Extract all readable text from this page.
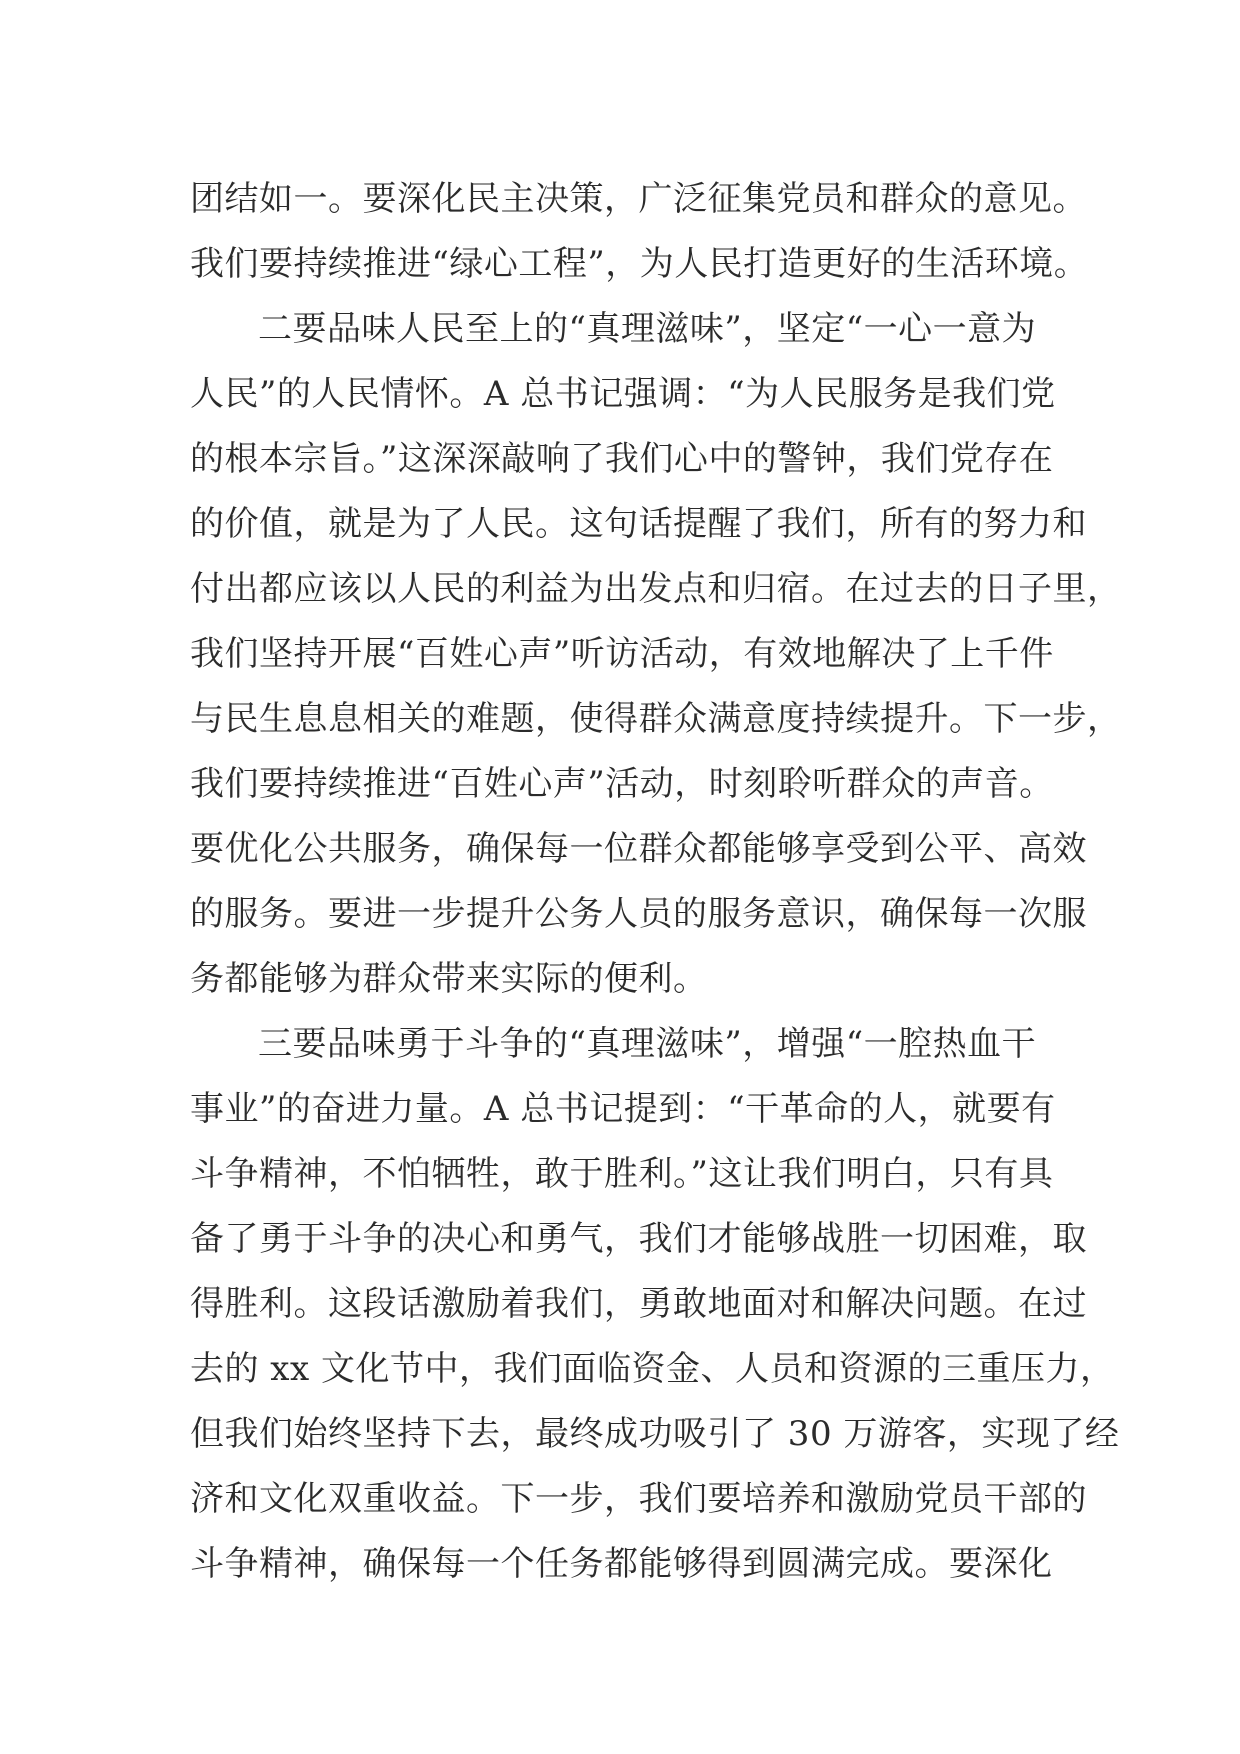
团结如一。要深化民主决策，广泛征集党员和群众的意见。
我们要持续推进“绿心工程”，为人民打造更好的生活环境。
二要品味人民至上的“真理滋味”，坚定“一心一意为
人民”的人民情怀。A 总书记强调：“为人民服务是我们党
的根本宗旨。”这深深敲响了我们心中的警钟，我们党存在
的价值，就是为了人民。这句话提醒了我们，所有的努力和
付出都应该以人民的利益为出发点和归宿。在过去的日子里，
我们坚持开展“百姓心声”听访活动，有效地解决了上千件
与民生息息相关的难题，使得群众满意度持续提升。下一步，
我们要持续推进“百姓心声”活动，时刻聆听群众的声音。
要优化公共服务，确保每一位群众都能够享受到公平、高效
的服务。要进一步提升公务人员的服务意识，确保每一次服
务都能够为群众带来实际的便利。
三要品味勇于斗争的“真理滋味”，增强“一腔热血干
事业”的奋进力量。A 总书记提到：“干革命的人，就要有
斗争精神，不怕牺牲，敢于胜利。”这让我们明白，只有具
备了勇于斗争的决心和勇气，我们才能够战胜一切困难，取
得胜利。这段话激励着我们，勇敢地面对和解决问题。在过
去的 xx 文化节中，我们面临资金、人员和资源的三重压力，
但我们始终坚持下去，最终成功吸引了 30 万游客，实现了经
济和文化双重收益。下一步，我们要培养和激励党员干部的
斗争精神，确保每一个任务都能够得到圆满完成。要深化
